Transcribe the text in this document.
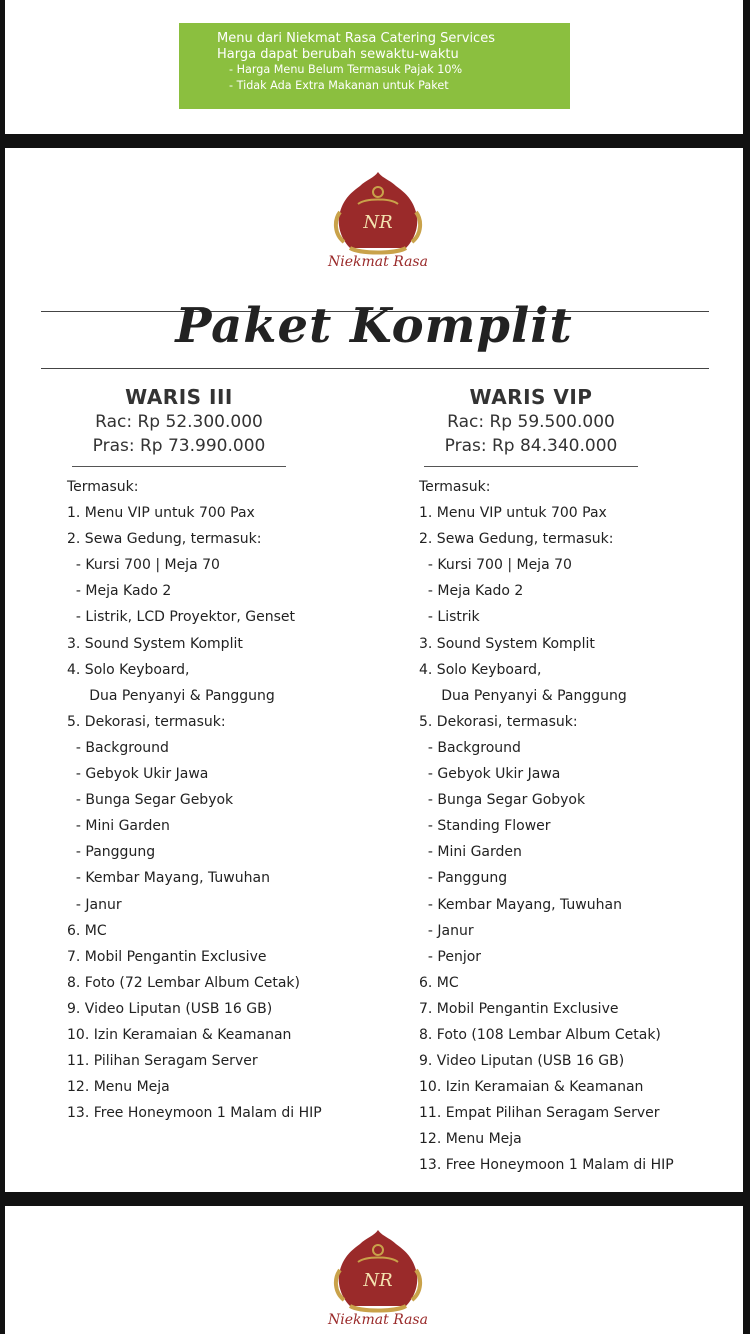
Menu dari Niekmat Rasa Catering Services
Harga dapat berubah sewaktu-waktu
- Harga Menu Belum Termasuk Pajak 10%
- Tidak Ada Extra Makanan untuk Paket
NR
Niekmat Rasa
Paket Komplit
WARIS III
Rac: Rp 52.300.000
Pras: Rp 73.990.000
WARIS VIP
Rac: Rp 59.500.000
Pras: Rp 84.340.000
Termasuk:
1. Menu VIP untuk 700 Pax
2. Sewa Gedung, termasuk:
- Kursi 700 | Meja 70
- Meja Kado 2
- Listrik, LCD Proyektor, Genset
3. Sound System Komplit
4. Solo Keyboard,
Dua Penyanyi & Panggung
5. Dekorasi, termasuk:
- Background
- Gebyok Ukir Jawa
- Bunga Segar Gebyok
- Mini Garden
- Panggung
- Kembar Mayang, Tuwuhan
- Janur
6. MC
7. Mobil Pengantin Exclusive
8. Foto (72 Lembar Album Cetak)
9. Video Liputan (USB 16 GB)
10. Izin Keramaian & Keamanan
11. Pilihan Seragam Server
12. Menu Meja
13. Free Honeymoon 1 Malam di HIP
Termasuk:
1. Menu VIP untuk 700 Pax
2. Sewa Gedung, termasuk:
- Kursi 700 | Meja 70
- Meja Kado 2
- Listrik
3. Sound System Komplit
4. Solo Keyboard,
Dua Penyanyi & Panggung
5. Dekorasi, termasuk:
- Background
- Gebyok Ukir Jawa
- Bunga Segar Gobyok
- Standing Flower
- Mini Garden
- Panggung
- Kembar Mayang, Tuwuhan
- Janur
- Penjor
6. MC
7. Mobil Pengantin Exclusive
8. Foto (108 Lembar Album Cetak)
9. Video Liputan (USB 16 GB)
10. Izin Keramaian & Keamanan
11. Empat Pilihan Seragam Server
12. Menu Meja
13. Free Honeymoon 1 Malam di HIP
NR
Niekmat Rasa
